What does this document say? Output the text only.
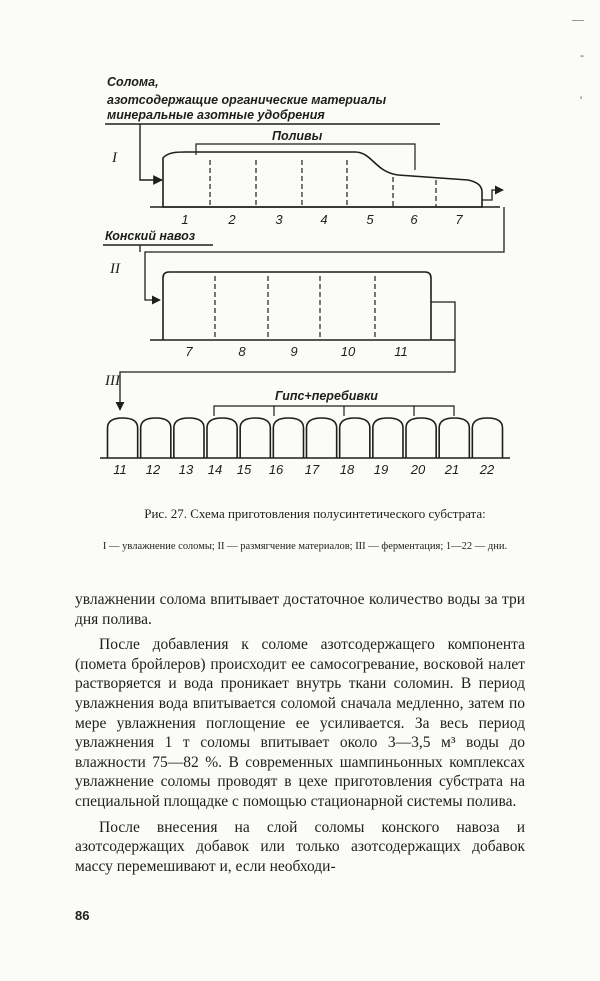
Солома,
азотсодержащие органические материалы
минеральные азотные удобрения
I
Поливы
1	2	3	4	5	6	7
Конский навоз
II
7	8	9	10	11
III
Гипс+перебивки
11 12 13 14 15 16 17 18 19 20 21 22
Рис. 27. Схема приготовления полусинтетического субстрата:
I — увлажнение соломы; II — размягчение материалов; III — ферментация; 1—22 — дни.

увлажнении солома впитывает достаточное количество воды за три дня полива.

После добавления к соломе азотсодержащего компонента (помета бройлеров) происходит ее самосогревание, восковой налет растворяется и вода проникает внутрь ткани соломин. В период увлажнения вода впитывается соломой сначала медленно, затем по мере увлажнения поглощение ее усиливается. За весь период увлажнения 1 т соломы впитывает около 3—3,5 м³ воды до влажности 75—82 %. В современных шампиньонных комплексах увлажнение соломы проводят в цехе приготовления субстрата на специальной площадке с помощью стационарной системы полива.

После внесения на слой соломы конского навоза и азотсодержащих добавок или только азотсодержащих добавок массу перемешивают и, если необходи-

86
—
-
'
